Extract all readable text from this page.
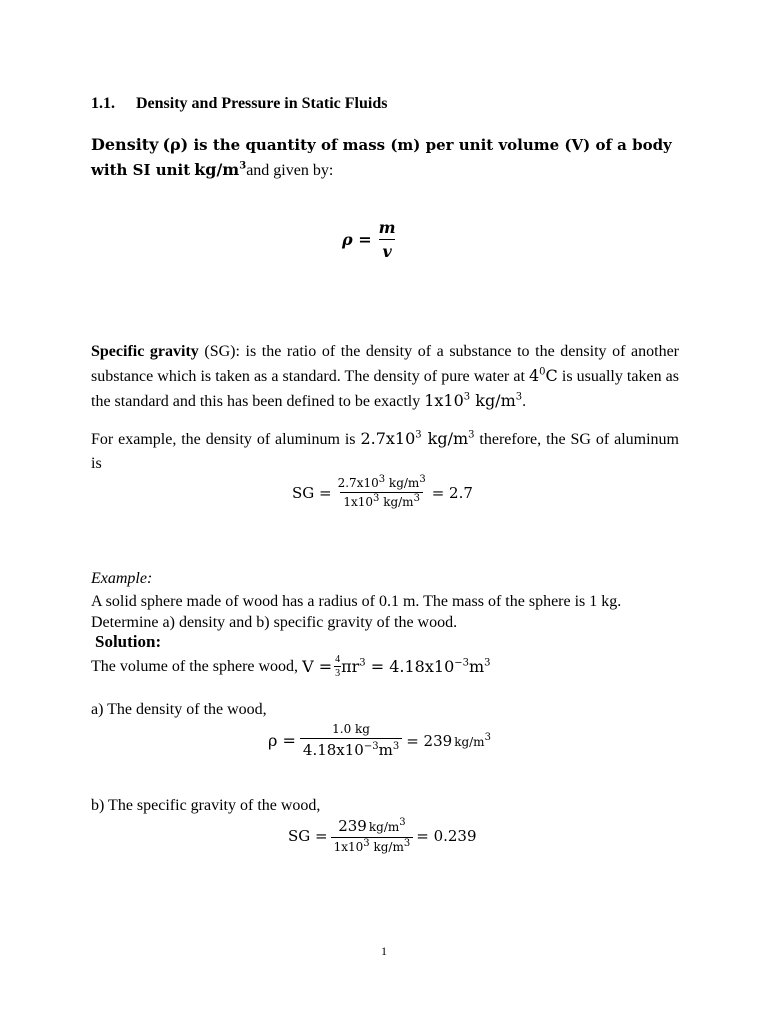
1.1. Density and Pressure in Static Fluids

Density (ρ) is the quantity of mass (m) per unit volume (V) of a body with SI unit $kg/m^3and$ given by:

$\rho = \frac{m}{v}$

Specific gravity (SG): is the ratio of the density of a substance to the density of another substance which is taken as a standard. The density of pure water at $4^0C$ is usually taken as the standard and this has been defined to be exactly $1x10^3$ $kg/m^3$.

For example, the density of aluminum is $2.7x10^3$ $kg/m^3$ therefore, the SG of aluminum is

SG = $\frac{2.7x10^3 kg/m^3}{1x10^3 kg/m^3} = 2.7$

Example:

A solid sphere made of wood has a radius of 0.1 m. The mass of the sphere is 1 kg. Determine a) density and b) specific gravity of the wood.

Solution:

The volume of the sphere wood, $V = \frac{4}{3} \pi r^3 = 4.18x10^{-3}m^3$

a) The density of the wood,

$\rho = \frac{1.0 kg}{4.18x10^{-3}m^3} = 239$ $kg/m^3$

b) The specific gravity of the wood,

SG = $\frac{239 kg/m^3}{1x10^3 kg/m^3} = 0.239$

1
